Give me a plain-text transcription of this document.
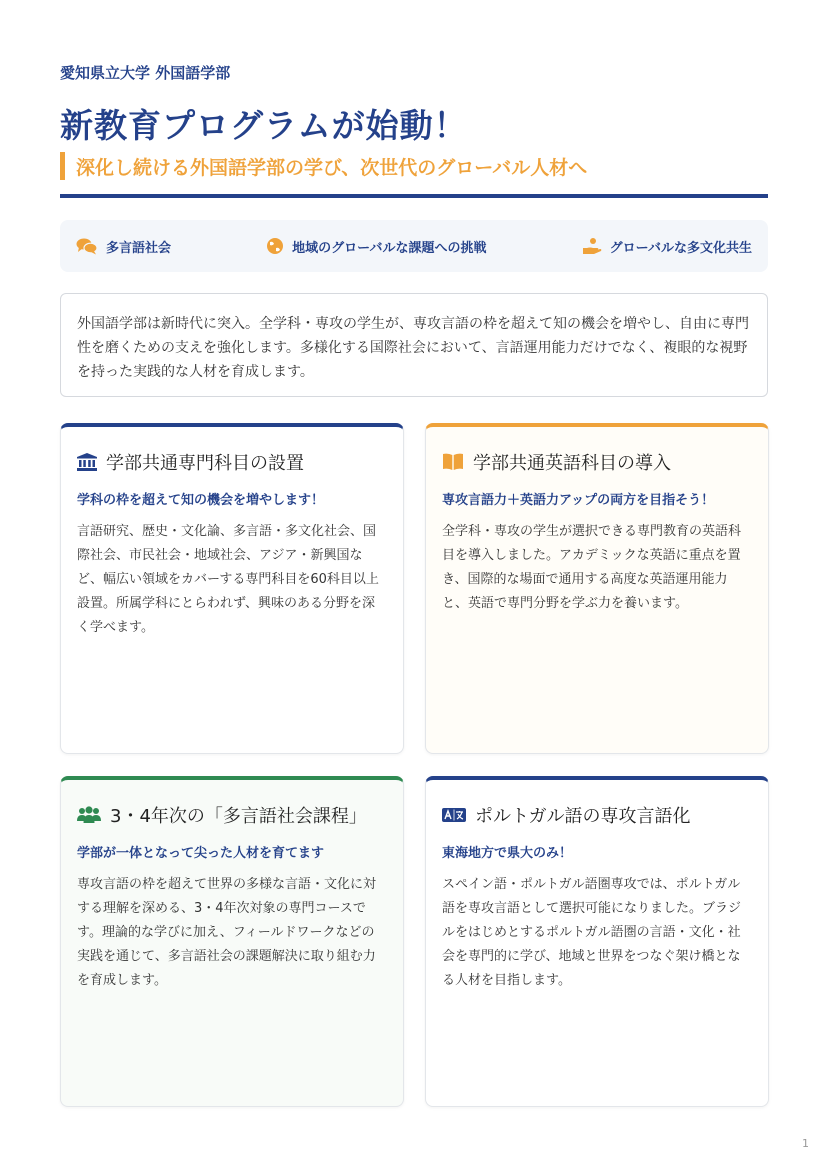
愛知県立大学 外国語学部
新教育プログラムが始動！
深化し続ける外国語学部の学び、次世代のグローバル人材へ
多言語社会	地域のグローバルな課題への挑戦	グローバルな多文化共生
外国語学部は新時代に突入。全学科・専攻の学生が、専攻言語の枠を超えて知の機会を増やし、自由に専門性を磨くための支えを強化します。多様化する国際社会において、言語運用能力だけでなく、複眼的な視野を持った実践的な人材を育成します。
学部共通専門科目の設置
学科の枠を超えて知の機会を増やします！
言語研究、歴史・文化論、多言語・多文化社会、国際社会、市民社会・地域社会、アジア・新興国など、幅広い領域をカバーする専門科目を60科目以上設置。所属学科にとらわれず、興味のある分野を深く学べます。
学部共通英語科目の導入
専攻言語力＋英語力アップの両方を目指そう！
全学科・専攻の学生が選択できる専門教育の英語科目を導入しました。アカデミックな英語に重点を置き、国際的な場面で通用する高度な英語運用能力と、英語で専門分野を学ぶ力を養います。
3・4年次の「多言語社会課程」
学部が一体となって尖った人材を育てます
専攻言語の枠を超えて世界の多様な言語・文化に対する理解を深める、3・4年次対象の専門コースです。理論的な学びに加え、フィールドワークなどの実践を通じて、多言語社会の課題解決に取り組む力を育成します。
ポルトガル語の専攻言語化
東海地方で県大のみ！
スペイン語・ポルトガル語圏専攻では、ポルトガル語を専攻言語として選択可能になりました。ブラジルをはじめとするポルトガル語圏の言語・文化・社会を専門的に学び、地域と世界をつなぐ架け橋となる人材を目指します。
1
